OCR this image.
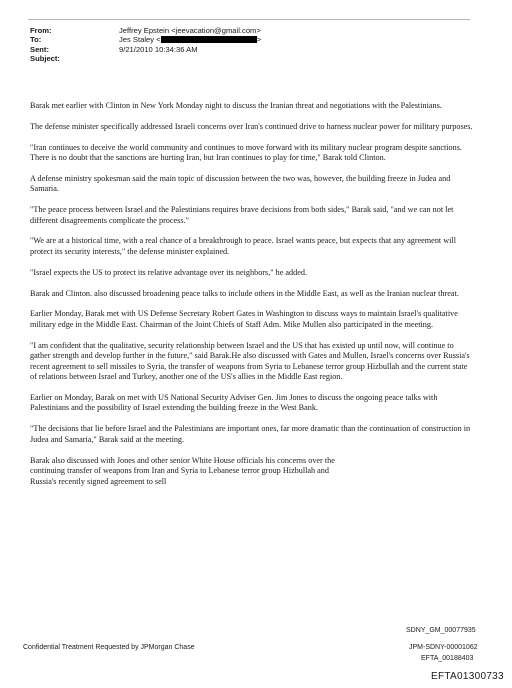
From:
To:
Sent:
Subject:
Jeffrey Epstein <jeevacation@gmail.com>
Jes Staley <	>
9/21/2010 10:34:36 AM

Barak met earlier with Clinton in New York Monday night to discuss the Iranian threat and negotiations with the Palestinians.

The defense minister specifically addressed Israeli concerns over Iran's continued drive to harness nuclear power for military purposes.

"Iran continues to deceive the world community and continues to move forward with its military nuclear program despite sanctions. There is no doubt that the sanctions are hurting Iran, but Iran continues to play for time," Barak told Clinton.

A defense ministry spokesman said the main topic of discussion between the two was, however, the building freeze in Judea and Samaria.

"The peace process between Israel and the Palestinians requires brave decisions from both sides," Barak said, "and we can not let different disagreements complicate the process."

"We are at a historical time, with a real chance of a breakthrough to peace. Israel wants peace, but expects that any agreement will protect its security interests," the defense minister explained.

"Israel expects the US to protect its relative advantage over its neighbors," he added.

Barak and Clinton. also discussed broadening peace talks to include others in the Middle East, as well as the Iranian nuclear threat.

Earlier Monday, Barak met with US Defense Secretary Robert Gates in Washington to discuss ways to maintain Israel's qualitative military edge in the Middle East. Chairman of the Joint Chiefs of Staff Adm. Mike Mullen also participated in the meeting.

"I am confident that the qualitative, security relationship between Israel and the US that has existed up until now, will continue to gather strength and develop further in the future," said Barak.He also discussed with Gates and Mullen, Israel's concerns over Russia's recent agreement to sell missiles to Syria, the transfer of weapons from Syria to Lebanese terror group Hizbullah and the current state of relations between Israel and Turkey, another one of the US's allies in the Middle East region.

Earlier on Monday, Barak on met with US National Security Adviser Gen. Jim Jones to discuss the ongoing peace talks with Palestinians and the possibility of Israel extending the building freeze in the West Bank.

"The decisions that lie before Israel and the Palestinians are important ones, far more dramatic than the continuation of construction in Judea and Samaria," Barak said at the meeting.

Barak also discussed with Jones and other senior White House officials his concerns over the continuing transfer of weapons from Iran and Syria to Lebanese terror group Hizbullah and Russia's recently signed agreement to sell

SDNY_GM_00077935
Confidential Treatment Requested by JPMorgan Chase	JPM-SDNY-00001062
EFTA_00188403
EFTA01300733
